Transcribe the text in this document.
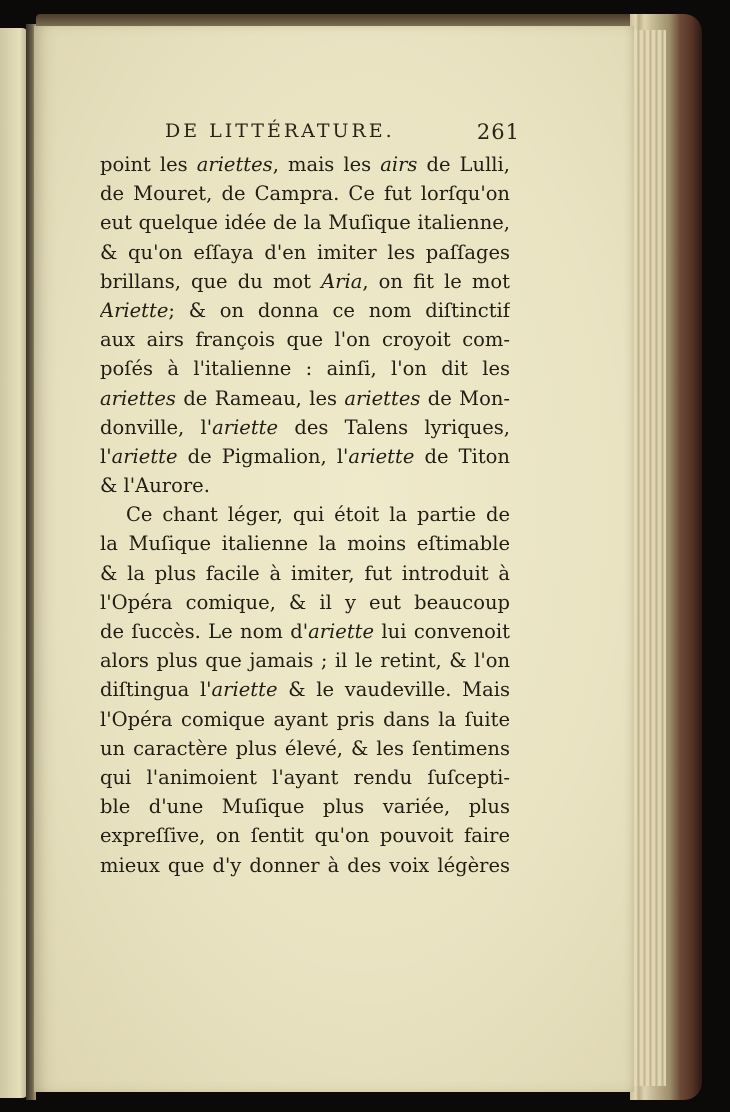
DE LITTÉRATURE.	261
point les ariettes, mais les airs de Lulli,
de Mouret, de Campra. Ce fut lorſqu'on
eut quelque idée de la Muſique italienne,
& qu'on eſſaya d'en imiter les paſſages
brillans, que du mot Aria, on fit le mot
Ariette; & on donna ce nom diſtinctif
aux airs françois que l'on croyoit com-
poſés à l'italienne : ainſi, l'on dit les
ariettes de Rameau, les ariettes de Mon-
donville, l'ariette des Talens lyriques,
l'ariette de Pigmalion, l'ariette de Titon
& l'Aurore.
Ce chant léger, qui étoit la partie de
la Muſique italienne la moins eſtimable
& la plus facile à imiter, fut introduit à
l'Opéra comique, & il y eut beaucoup
de ſuccès. Le nom d'ariette lui convenoit
alors plus que jamais ; il le retint, & l'on
diſtingua l'ariette & le vaudeville. Mais
l'Opéra comique ayant pris dans la ſuite
un caractère plus élevé, & les ſentimens
qui l'animoient l'ayant rendu ſuſcepti-
ble d'une Muſique plus variée, plus
expreſſive, on ſentit qu'on pouvoit faire
mieux que d'y donner à des voix légères
